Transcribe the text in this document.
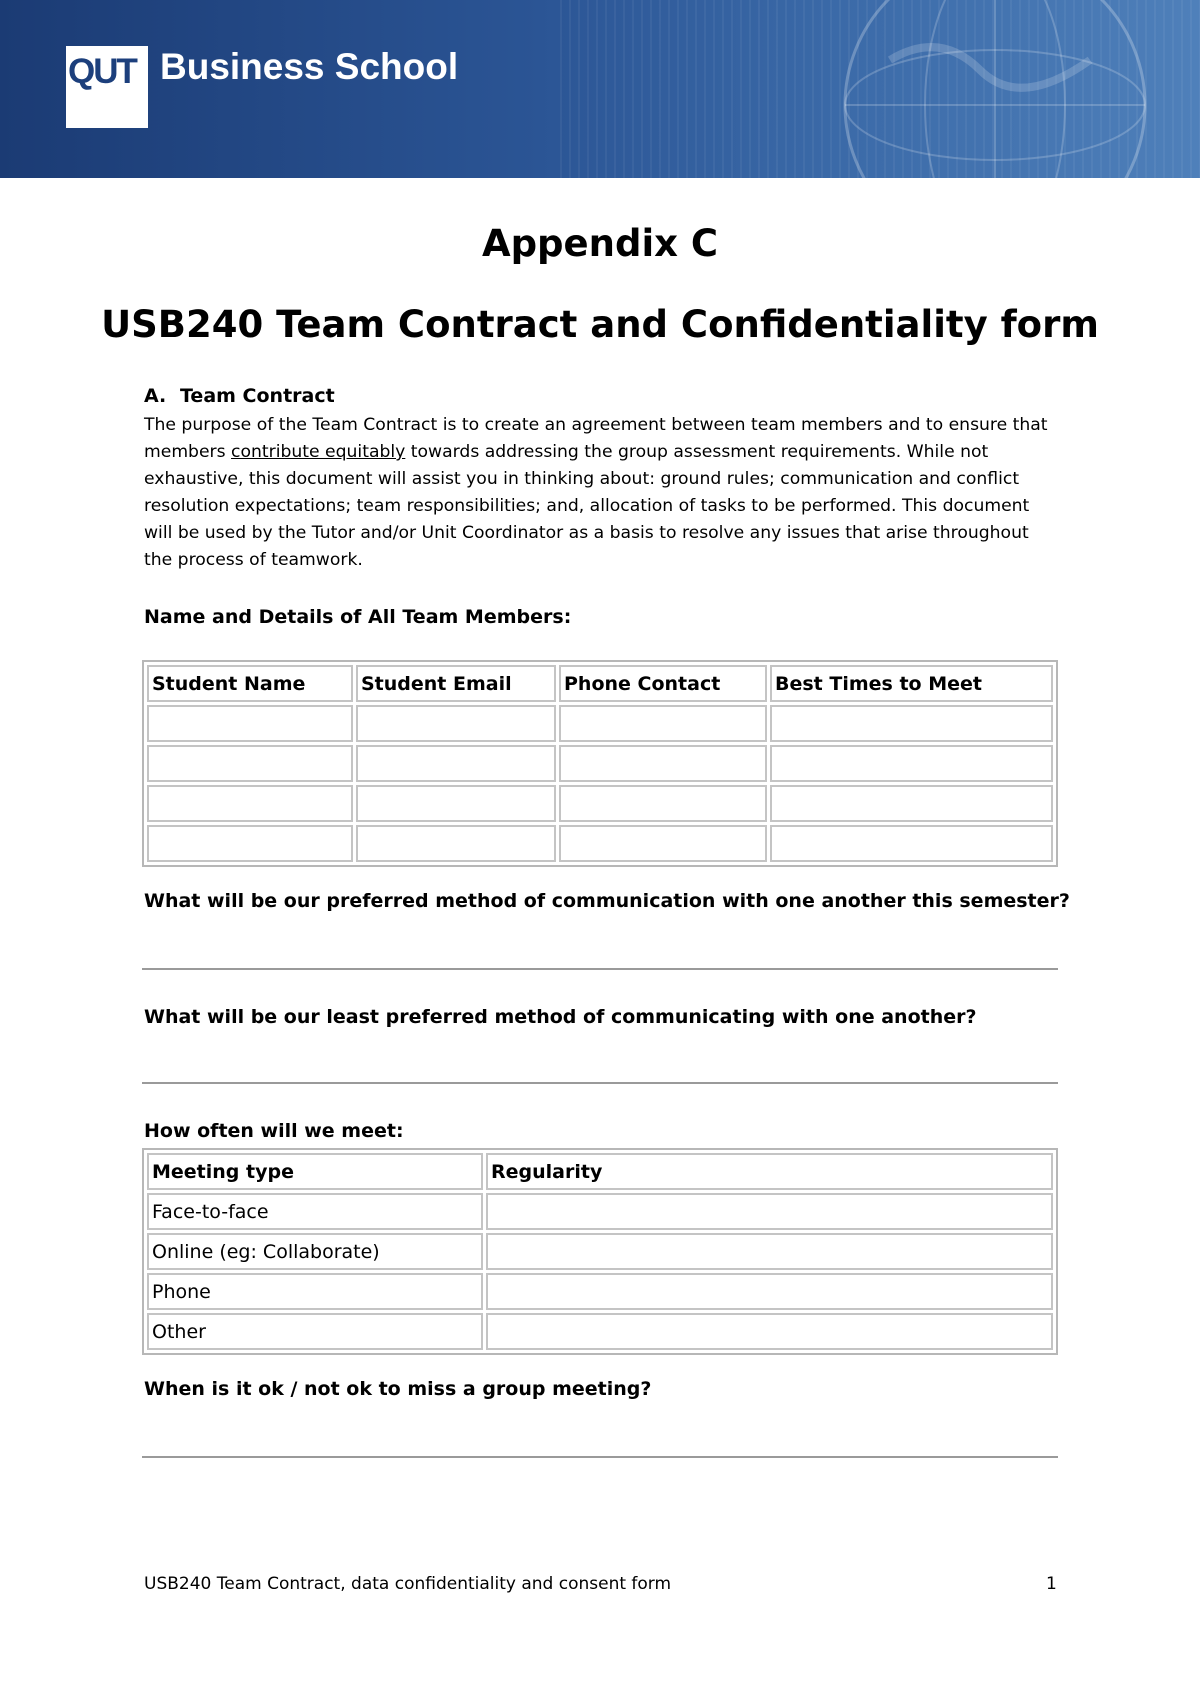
QUT Business School
Appendix C
USB240 Team Contract and Confidentiality form
A. Team Contract
The purpose of the Team Contract is to create an agreement between team members and to ensure that members contribute equitably towards addressing the group assessment requirements. While not exhaustive, this document will assist you in thinking about: ground rules; communication and conflict resolution expectations; team responsibilities; and, allocation of tasks to be performed. This document will be used by the Tutor and/or Unit Coordinator as a basis to resolve any issues that arise throughout the process of teamwork.
Name and Details of All Team Members:
Student Name	Student Email	Phone Contact	Best Times to Meet

What will be our preferred method of communication with one another this semester?
What will be our least preferred method of communicating with one another?
How often will we meet:
Meeting type	Regularity
Face-to-face	
Online (eg: Collaborate)	
Phone	
Other	
When is it ok / not ok to miss a group meeting?
USB240 Team Contract, data confidentiality and consent form	1
